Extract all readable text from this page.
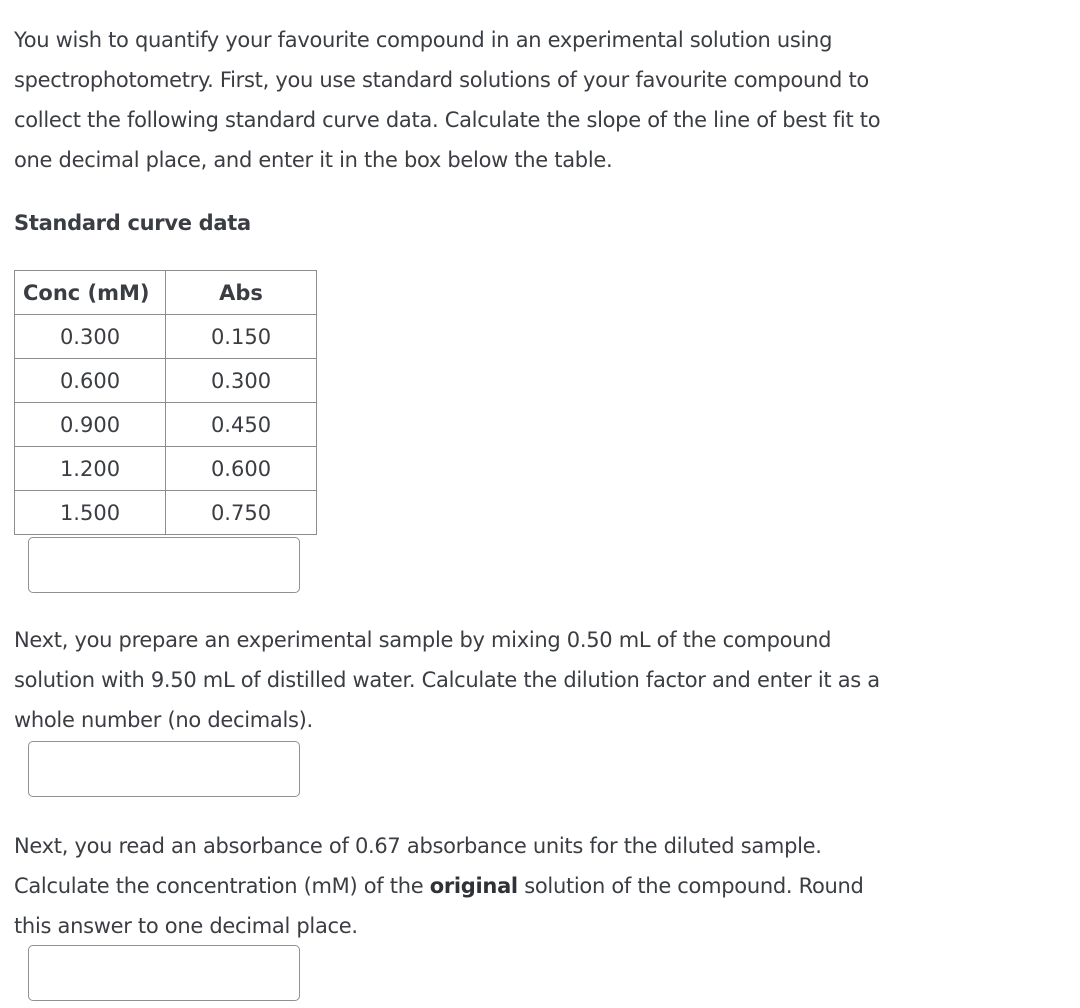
You wish to quantify your favourite compound in an experimental solution using
spectrophotometry. First, you use standard solutions of your favourite compound to
collect the following standard curve data. Calculate the slope of the line of best fit to
one decimal place, and enter it in the box below the table.
Standard curve data
Conc (mM)	Abs
0.300	0.150
0.600	0.300
0.900	0.450
1.200	0.600
1.500	0.750
Next, you prepare an experimental sample by mixing 0.50 mL of the compound
solution with 9.50 mL of distilled water. Calculate the dilution factor and enter it as a
whole number (no decimals).
Next, you read an absorbance of 0.67 absorbance units for the diluted sample.
Calculate the concentration (mM) of the original solution of the compound. Round
this answer to one decimal place.
